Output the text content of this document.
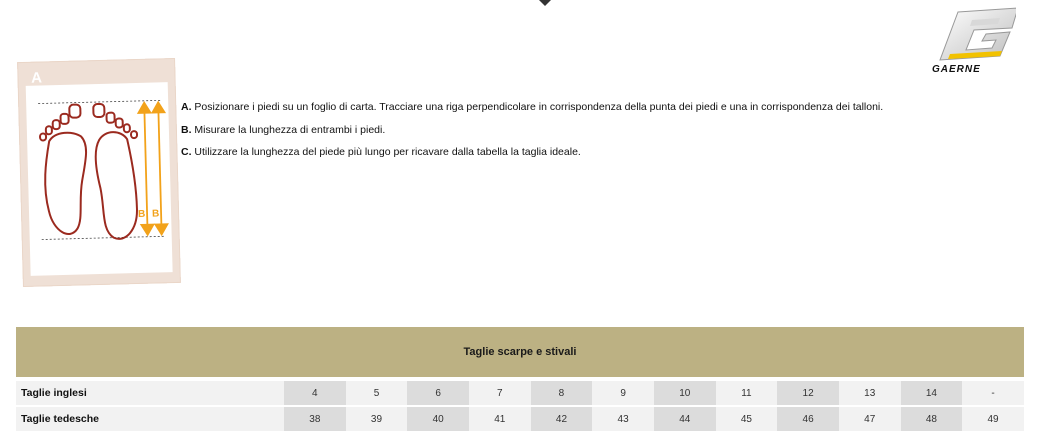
GAERNE
A
B B

A. Posizionare i piedi su un foglio di carta. Tracciare una riga perpendicolare in corrispondenza della punta dei piedi e una in corrispondenza dei talloni.

B. Misurare la lunghezza di entrambi i piedi.

C. Utilizzare la lunghezza del piede più lungo per ricavare dalla tabella la taglia ideale.

Taglie scarpe e stivali
Taglie inglesi	4	5	6	7	8	9	10	11	12	13	14	-
Taglie tedesche	38	39	40	41	42	43	44	45	46	47	48	49
